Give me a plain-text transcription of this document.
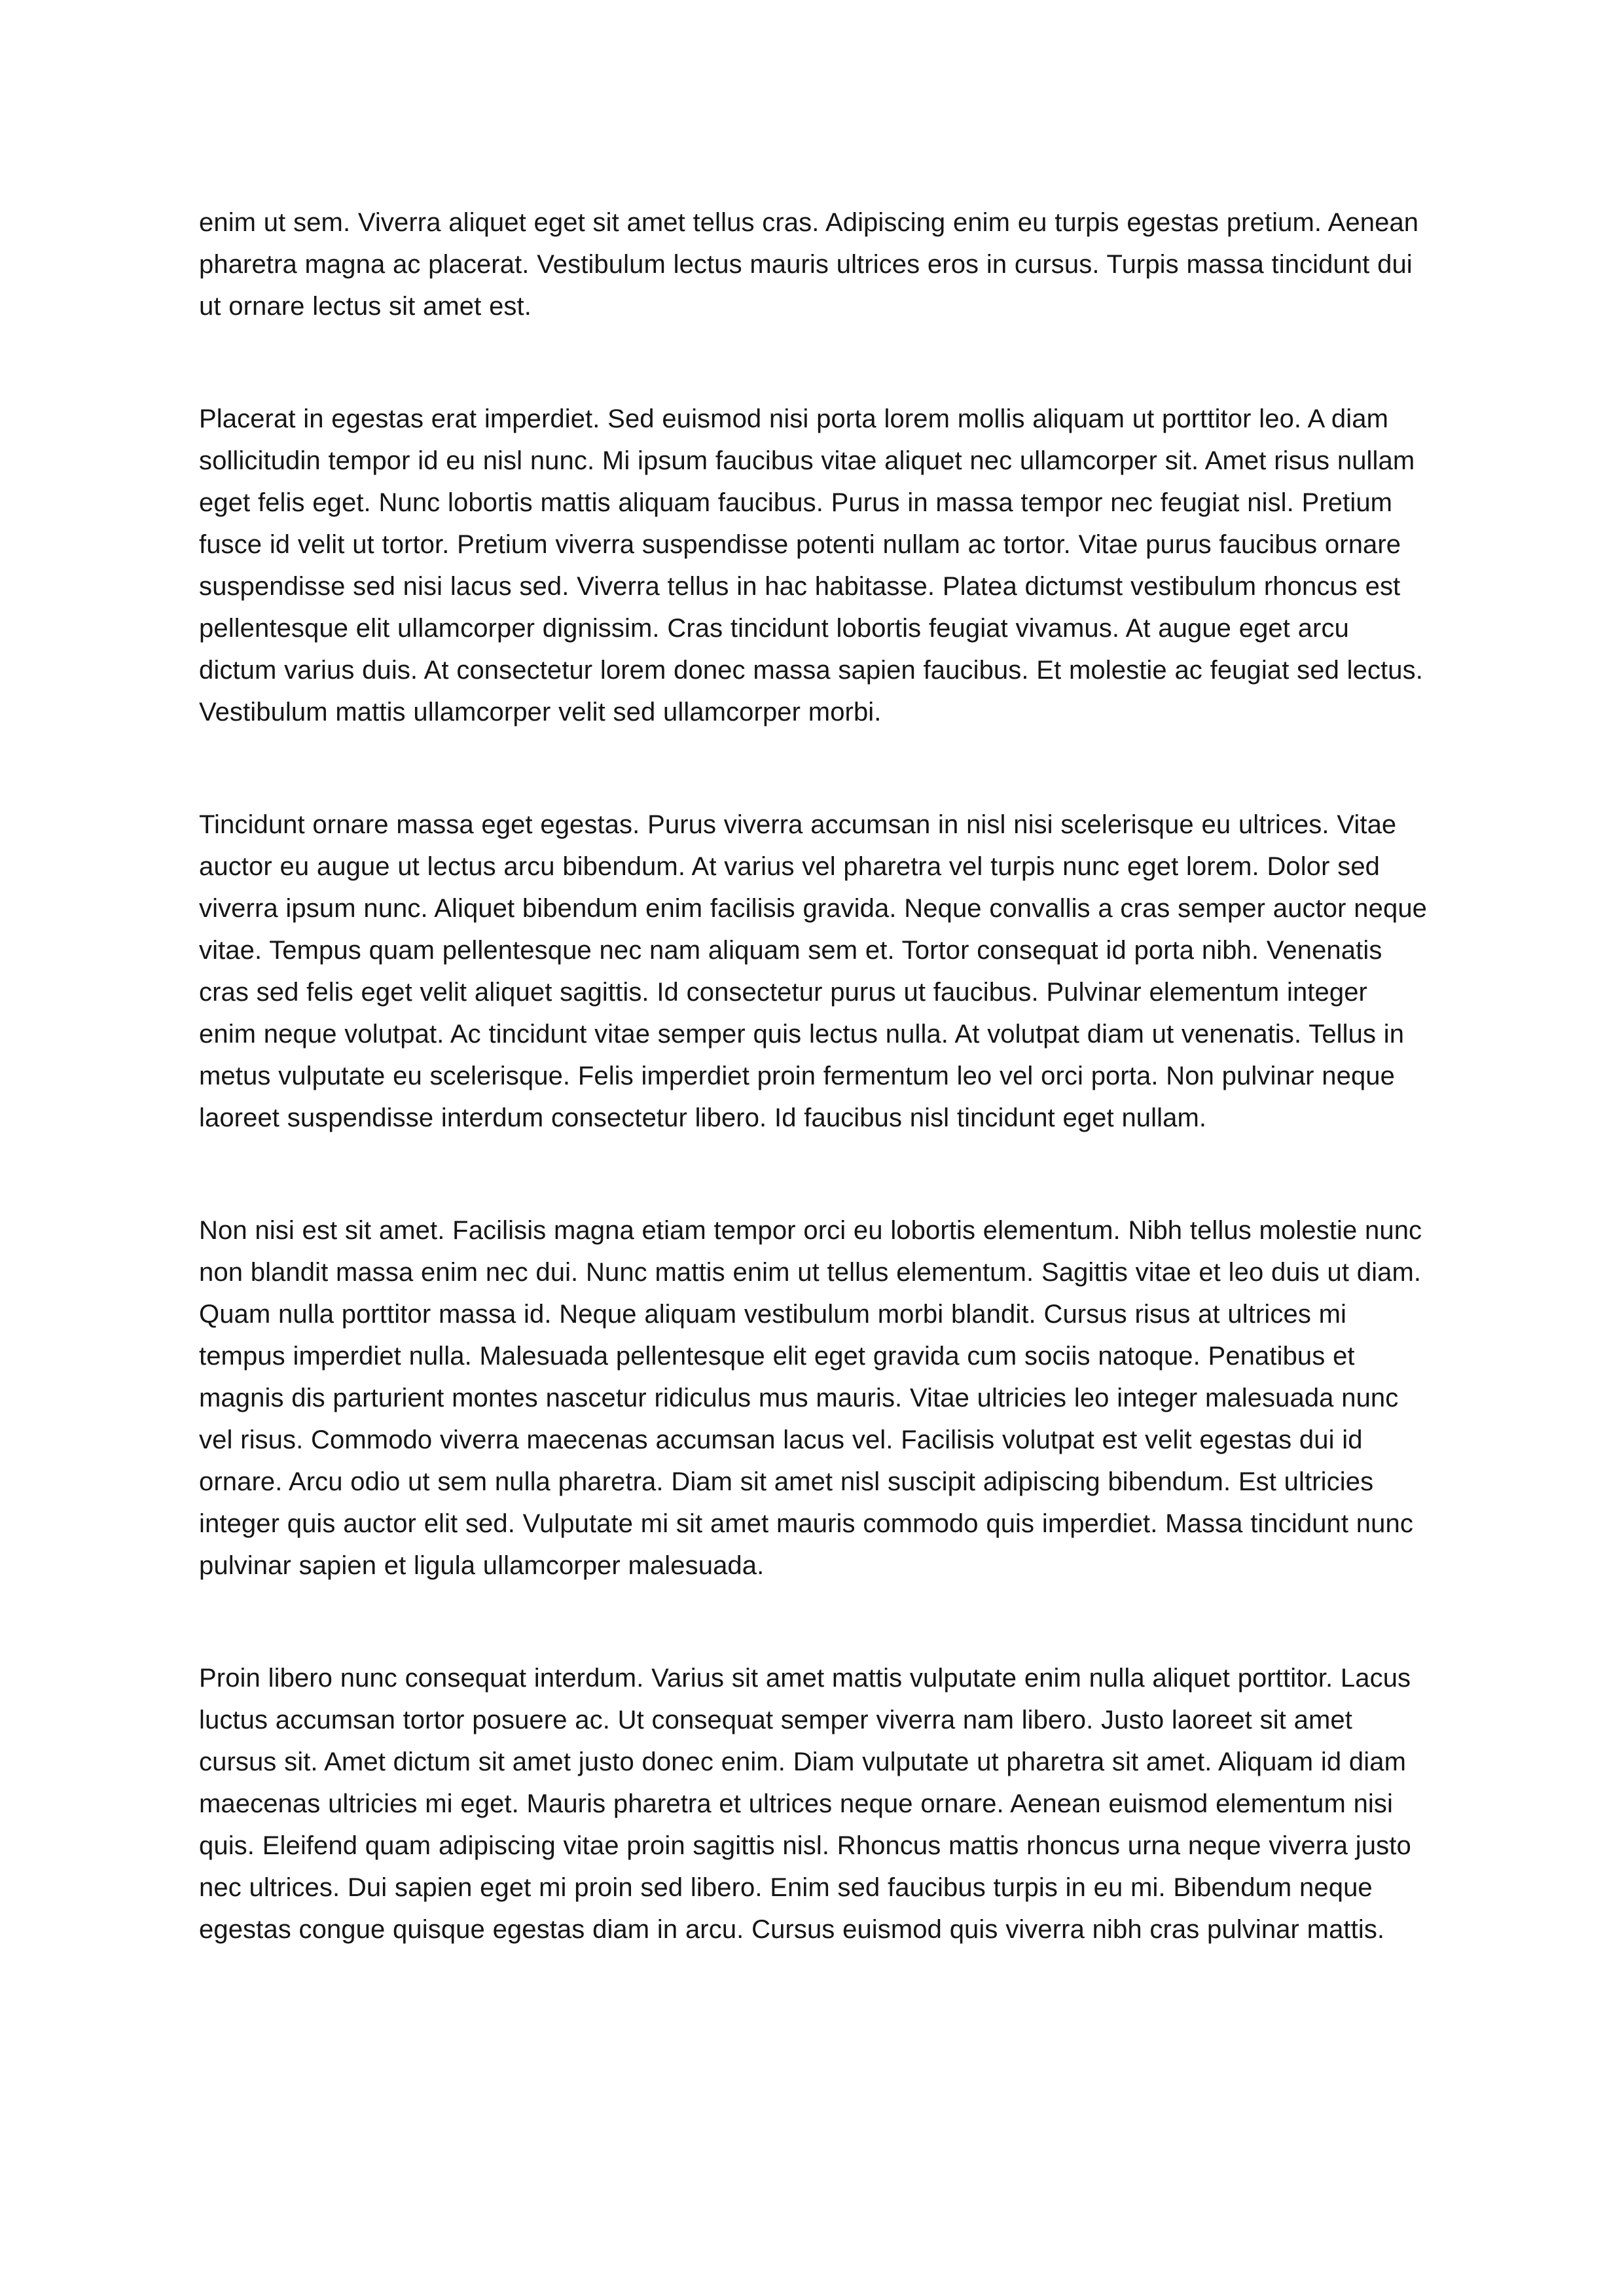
enim ut sem. Viverra aliquet eget sit amet tellus cras. Adipiscing enim eu turpis egestas pretium. Aenean pharetra magna ac placerat. Vestibulum lectus mauris ultrices eros in cursus. Turpis massa tincidunt dui ut ornare lectus sit amet est.

Placerat in egestas erat imperdiet. Sed euismod nisi porta lorem mollis aliquam ut porttitor leo. A diam sollicitudin tempor id eu nisl nunc. Mi ipsum faucibus vitae aliquet nec ullamcorper sit. Amet risus nullam eget felis eget. Nunc lobortis mattis aliquam faucibus. Purus in massa tempor nec feugiat nisl. Pretium fusce id velit ut tortor. Pretium viverra suspendisse potenti nullam ac tortor. Vitae purus faucibus ornare suspendisse sed nisi lacus sed. Viverra tellus in hac habitasse. Platea dictumst vestibulum rhoncus est pellentesque elit ullamcorper dignissim. Cras tincidunt lobortis feugiat vivamus. At augue eget arcu dictum varius duis. At consectetur lorem donec massa sapien faucibus. Et molestie ac feugiat sed lectus. Vestibulum mattis ullamcorper velit sed ullamcorper morbi.

Tincidunt ornare massa eget egestas. Purus viverra accumsan in nisl nisi scelerisque eu ultrices. Vitae auctor eu augue ut lectus arcu bibendum. At varius vel pharetra vel turpis nunc eget lorem. Dolor sed viverra ipsum nunc. Aliquet bibendum enim facilisis gravida. Neque convallis a cras semper auctor neque vitae. Tempus quam pellentesque nec nam aliquam sem et. Tortor consequat id porta nibh. Venenatis cras sed felis eget velit aliquet sagittis. Id consectetur purus ut faucibus. Pulvinar elementum integer enim neque volutpat. Ac tincidunt vitae semper quis lectus nulla. At volutpat diam ut venenatis. Tellus in metus vulputate eu scelerisque. Felis imperdiet proin fermentum leo vel orci porta. Non pulvinar neque laoreet suspendisse interdum consectetur libero. Id faucibus nisl tincidunt eget nullam.

Non nisi est sit amet. Facilisis magna etiam tempor orci eu lobortis elementum. Nibh tellus molestie nunc non blandit massa enim nec dui. Nunc mattis enim ut tellus elementum. Sagittis vitae et leo duis ut diam. Quam nulla porttitor massa id. Neque aliquam vestibulum morbi blandit. Cursus risus at ultrices mi tempus imperdiet nulla. Malesuada pellentesque elit eget gravida cum sociis natoque. Penatibus et magnis dis parturient montes nascetur ridiculus mus mauris. Vitae ultricies leo integer malesuada nunc vel risus. Commodo viverra maecenas accumsan lacus vel. Facilisis volutpat est velit egestas dui id ornare. Arcu odio ut sem nulla pharetra. Diam sit amet nisl suscipit adipiscing bibendum. Est ultricies integer quis auctor elit sed. Vulputate mi sit amet mauris commodo quis imperdiet. Massa tincidunt nunc pulvinar sapien et ligula ullamcorper malesuada.

Proin libero nunc consequat interdum. Varius sit amet mattis vulputate enim nulla aliquet porttitor. Lacus luctus accumsan tortor posuere ac. Ut consequat semper viverra nam libero. Justo laoreet sit amet cursus sit. Amet dictum sit amet justo donec enim. Diam vulputate ut pharetra sit amet. Aliquam id diam maecenas ultricies mi eget. Mauris pharetra et ultrices neque ornare. Aenean euismod elementum nisi quis. Eleifend quam adipiscing vitae proin sagittis nisl. Rhoncus mattis rhoncus urna neque viverra justo nec ultrices. Dui sapien eget mi proin sed libero. Enim sed faucibus turpis in eu mi. Bibendum neque egestas congue quisque egestas diam in arcu. Cursus euismod quis viverra nibh cras pulvinar mattis.
